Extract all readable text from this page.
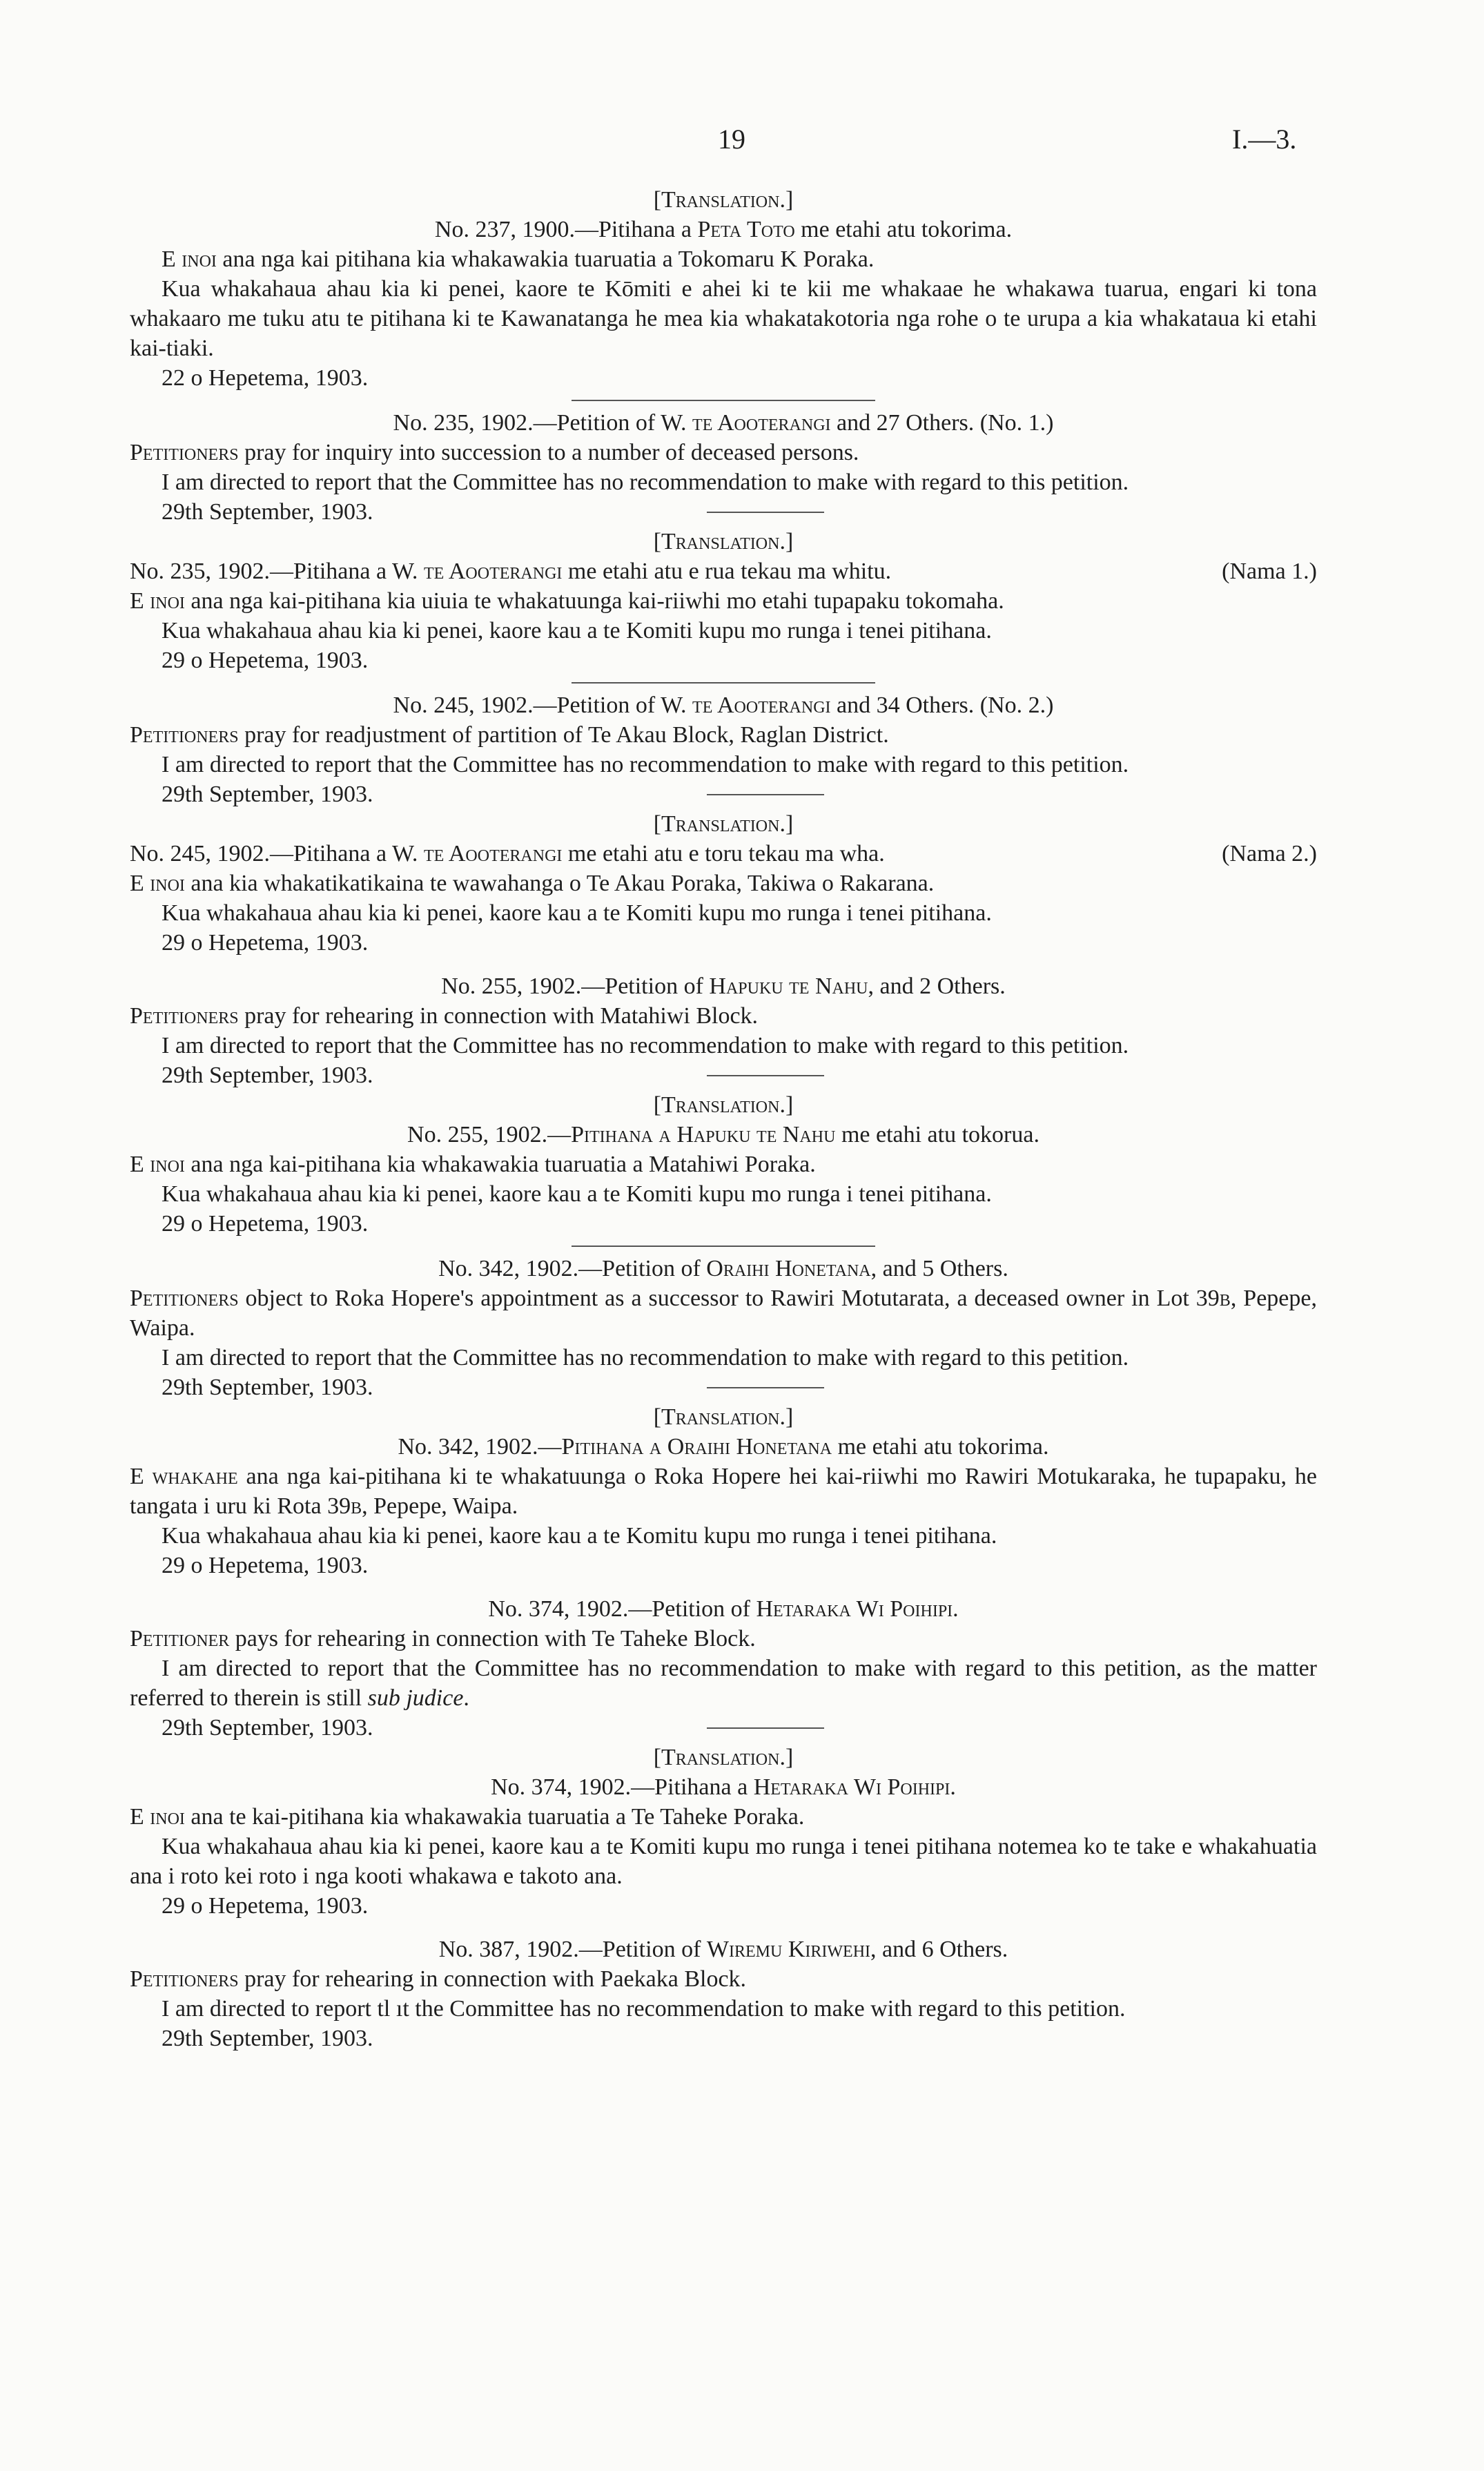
19	I.—3.
[Translation.]
No. 237, 1900.—Pitihana a Peta Toto me etahi atu tokorima.

E inoi ana nga kai pitihana kia whakawakia tuaruatia a Tokomaru K Poraka.

Kua whakahaua ahau kia ki penei, kaore te Kōmiti e ahei ki te kii me whakaae he whakawa tuarua, engari ki tona whakaaro me tuku atu te pitihana ki te Kawanatanga he mea kia whakatakotoria nga rohe o te urupa a kia whakataua ki etahi kai-tiaki.

22 o Hepetema, 1903.
No. 235, 1902.—Petition of W. te Aooterangi and 27 Others. (No. 1.)

Petitioners pray for inquiry into succession to a number of deceased persons.

I am directed to report that the Committee has no recommendation to make with regard to this petition.

29th September, 1903.
[Translation.]
No. 235, 1902.—Pitihana a W. te Aooterangi me etahi atu e rua tekau ma whitu.	(Nama 1.)

E inoi ana nga kai-pitihana kia uiuia te whakatuunga kai-riiwhi mo etahi tupapaku tokomaha.

Kua whakahaua ahau kia ki penei, kaore kau a te Komiti kupu mo runga i tenei pitihana.

29 o Hepetema, 1903.
No. 245, 1902.—Petition of W. te Aooterangi and 34 Others. (No. 2.)

Petitioners pray for readjustment of partition of Te Akau Block, Raglan District.

I am directed to report that the Committee has no recommendation to make with regard to this petition.

29th September, 1903.
[Translation.]
No. 245, 1902.—Pitihana a W. te Aooterangi me etahi atu e toru tekau ma wha.	(Nama 2.)

E inoi ana kia whakatikatikaina te wawahanga o Te Akau Poraka, Takiwa o Rakarana.

Kua whakahaua ahau kia ki penei, kaore kau a te Komiti kupu mo runga i tenei pitihana.

29 o Hepetema, 1903.
No. 255, 1902.—Petition of Hapuku te Nahu, and 2 Others.

Petitioners pray for rehearing in connection with Matahiwi Block.

I am directed to report that the Committee has no recommendation to make with regard to this petition.

29th September, 1903.
[Translation.]
No. 255, 1902.—Pitihana a Hapuku te Nahu me etahi atu tokorua.

E inoi ana nga kai-pitihana kia whakawakia tuaruatia a Matahiwi Poraka.

Kua whakahaua ahau kia ki penei, kaore kau a te Komiti kupu mo runga i tenei pitihana.

29 o Hepetema, 1903.
No. 342, 1902.—Petition of Oraihi Honetana, and 5 Others.

Petitioners object to Roka Hopere's appointment as a successor to Rawiri Motutarata, a deceased owner in Lot 39b, Pepepe, Waipa.

I am directed to report that the Committee has no recommendation to make with regard to this petition.

29th September, 1903.
[Translation.]
No. 342, 1902.—Pitihana a Oraihi Honetana me etahi atu tokorima.

E whakahe ana nga kai-pitihana ki te whakatuunga o Roka Hopere hei kai-riiwhi mo Rawiri Motukaraka, he tupapaku, he tangata i uru ki Rota 39b, Pepepe, Waipa.

Kua whakahaua ahau kia ki penei, kaore kau a te Komitu kupu mo runga i tenei pitihana.

29 o Hepetema, 1903.
No. 374, 1902.—Petition of Hetaraka Wi Poihipi.

Petitioner pays for rehearing in connection with Te Taheke Block.

I am directed to report that the Committee has no recommendation to make with regard to this petition, as the matter referred to therein is still sub judice.

29th September, 1903.
[Translation.]
No. 374, 1902.—Pitihana a Hetaraka Wi Poihipi.

E inoi ana te kai-pitihana kia whakawakia tuaruatia a Te Taheke Poraka.

Kua whakahaua ahau kia ki penei, kaore kau a te Komiti kupu mo runga i tenei pitihana notemea ko te take e whakahuatia ana i roto kei roto i nga kooti whakawa e takoto ana.

29 o Hepetema, 1903.
No. 387, 1902.—Petition of Wiremu Kiriwehi, and 6 Others.

Petitioners pray for rehearing in connection with Paekaka Block.

I am directed to report tl ıt the Committee has no recommendation to make with regard to this petition.

29th September, 1903.
